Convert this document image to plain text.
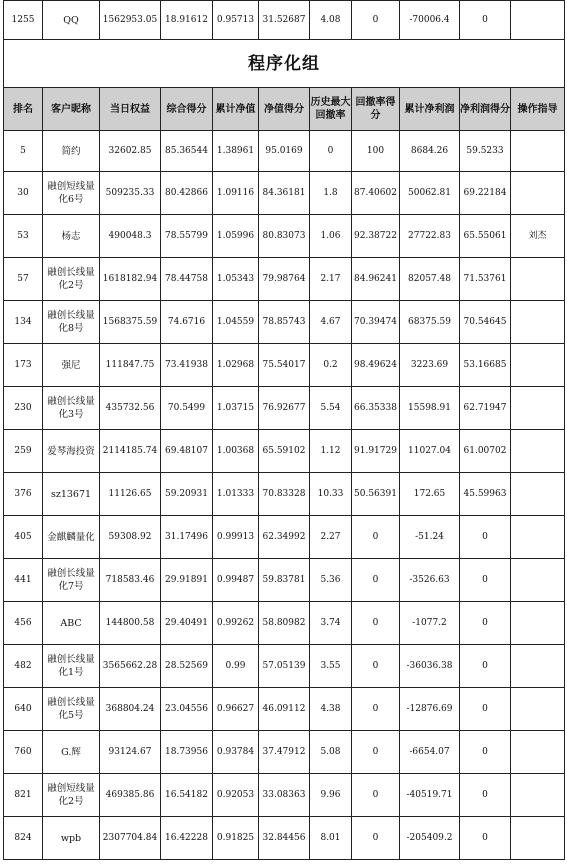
1255	QQ	1562953.05	18.91612	0.95713	31.52687	4.08	0	-70006.4	0	
程序化组										
排名	客户昵称	当日权益	综合得分	累计净值	净值得分	历史最大回撤率	回撤率得分	累计净利润	净利润得分	操作指导
5	简约	32602.85	85.36544	1.38961	95.0169	0	100	8684.26	59.5233	
30	融创短线量化6号	509235.33	80.42866	1.09116	84.36181	1.8	87.40602	50062.81	69.22184	
53	杨志	490048.3	78.55799	1.05996	80.83073	1.06	92.38722	27722.83	65.55061	刘杰
57	融创长线量化2号	1618182.94	78.44758	1.05343	79.98764	2.17	84.96241	82057.48	71.53761	
134	融创长线量化8号	1568375.59	74.6716	1.04559	78.85743	4.67	70.39474	68375.59	70.54645	
173	强尼	111847.75	73.41938	1.02968	75.54017	0.2	98.49624	3223.69	53.16685	
230	融创长线量化3号	435732.56	70.5499	1.03715	76.92677	5.54	66.35338	15598.91	62.71947	
259	爱琴海投资	2114185.74	69.48107	1.00368	65.59102	1.12	91.91729	11027.04	61.00702	
376	sz13671	11126.65	59.20931	1.01333	70.83328	10.33	50.56391	172.65	45.59963	
405	金麒麟量化	59308.92	31.17496	0.99913	62.34992	2.27	0	-51.24	0	
441	融创长线量化7号	718583.46	29.91891	0.99487	59.83781	5.36	0	-3526.63	0	
456	ABC	144800.58	29.40491	0.99262	58.80982	3.74	0	-1077.2	0	
482	融创长线量化1号	3565662.28	28.52569	0.99	57.05139	3.55	0	-36036.38	0	
640	融创长线量化5号	368804.24	23.04556	0.96627	46.09112	4.38	0	-12876.69	0	
760	G.辉	93124.67	18.73956	0.93784	37.47912	5.08	0	-6654.07	0	
821	融创短线量化2号	469385.86	16.54182	0.92053	33.08363	9.96	0	-40519.71	0	
824	wpb	2307704.84	16.42228	0.91825	32.84456	8.01	0	-205409.2	0	
